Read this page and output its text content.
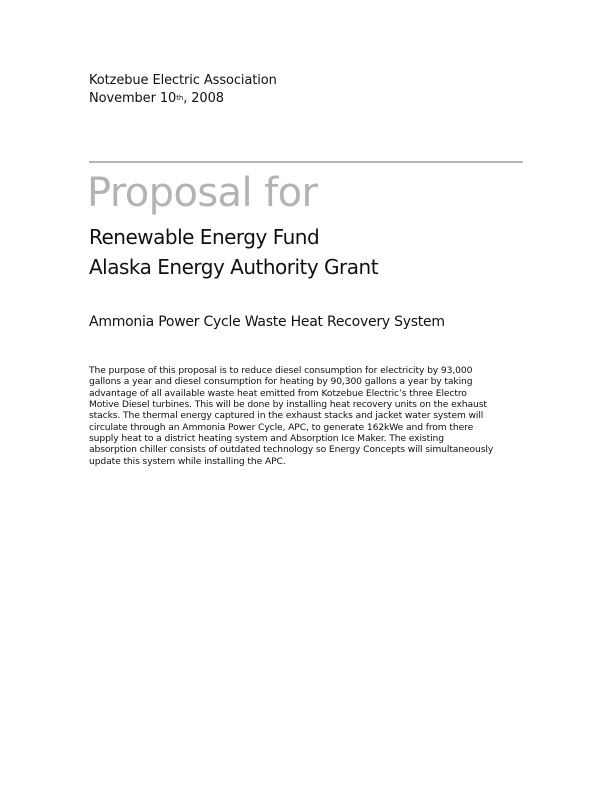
Kotzebue Electric Association
November 10th, 2008
Proposal for
Renewable Energy Fund
Alaska Energy Authority Grant
Ammonia Power Cycle Waste Heat Recovery System
The purpose of this proposal is to reduce diesel consumption for electricity by 93,000
gallons a year and diesel consumption for heating by 90,300 gallons a year by taking
advantage of all available waste heat emitted from Kotzebue Electric’s three Electro
Motive Diesel turbines. This will be done by installing heat recovery units on the exhaust
stacks. The thermal energy captured in the exhaust stacks and jacket water system will
circulate through an Ammonia Power Cycle, APC, to generate 162kWe and from there
supply heat to a district heating system and Absorption Ice Maker. The existing
absorption chiller consists of outdated technology so Energy Concepts will simultaneously
update this system while installing the APC.
